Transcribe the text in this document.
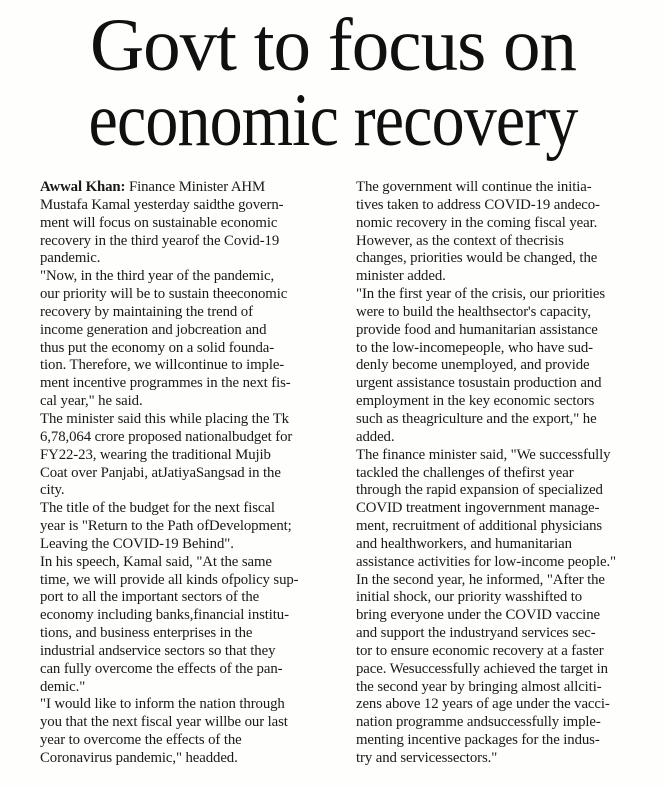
Govt to focus on
economic recovery
Awwal Khan: Finance Minister AHM
Mustafa Kamal yesterday saidthe govern-
ment will focus on sustainable economic
recovery in the third yearof the Covid-19
pandemic.
"Now, in the third year of the pandemic,
our priority will be to sustain theeconomic
recovery by maintaining the trend of
income generation and jobcreation and
thus put the economy on a solid founda-
tion. Therefore, we willcontinue to imple-
ment incentive programmes in the next fis-
cal year," he said.
The minister said this while placing the Tk
6,78,064 crore proposed nationalbudget for
FY22-23, wearing the traditional Mujib
Coat over Panjabi, atJatiyaSangsad in the
city.
The title of the budget for the next fiscal
year is "Return to the Path ofDevelopment;
Leaving the COVID-19 Behind".
In his speech, Kamal said, "At the same
time, we will provide all kinds ofpolicy sup-
port to all the important sectors of the
economy including banks,financial institu-
tions, and business enterprises in the
industrial andservice sectors so that they
can fully overcome the effects of the pan-
demic."
"I would like to inform the nation through
you that the next fiscal year willbe our last
year to overcome the effects of the
Coronavirus pandemic," headded.
The government will continue the initia-
tives taken to address COVID-19 andeco-
nomic recovery in the coming fiscal year.
However, as the context of thecrisis
changes, priorities would be changed, the
minister added.
"In the first year of the crisis, our priorities
were to build the healthsector's capacity,
provide food and humanitarian assistance
to the low-incomepeople, who have sud-
denly become unemployed, and provide
urgent assistance tosustain production and
employment in the key economic sectors
such as theagriculture and the export," he
added.
The finance minister said, "We successfully
tackled the challenges of thefirst year
through the rapid expansion of specialized
COVID treatment ingovernment manage-
ment, recruitment of additional physicians
and healthworkers, and humanitarian
assistance activities for low-income people."
In the second year, he informed, "After the
initial shock, our priority wasshifted to
bring everyone under the COVID vaccine
and support the industryand services sec-
tor to ensure economic recovery at a faster
pace. Wesuccessfully achieved the target in
the second year by bringing almost allciti-
zens above 12 years of age under the vacci-
nation programme andsuccessfully imple-
menting incentive packages for the indus-
try and servicessectors."
